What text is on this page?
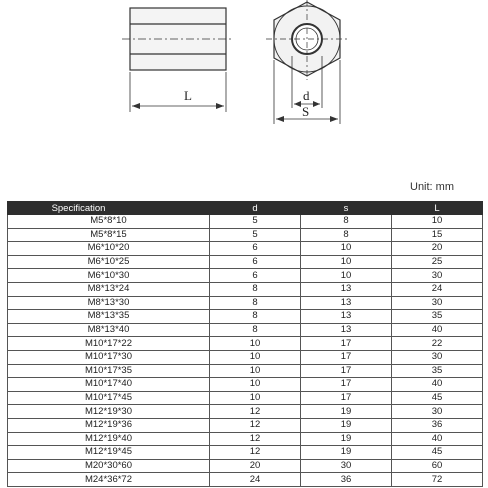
L	d
S
Unit: mm
Specification	d	s	L
M5*8*10	5	8	10
M5*8*15	5	8	15
M6*10*20	6	10	20
M6*10*25	6	10	25
M6*10*30	6	10	30
M8*13*24	8	13	24
M8*13*30	8	13	30
M8*13*35	8	13	35
M8*13*40	8	13	40
M10*17*22	10	17	22
M10*17*30	10	17	30
M10*17*35	10	17	35
M10*17*40	10	17	40
M10*17*45	10	17	45
M12*19*30	12	19	30
M12*19*36	12	19	36
M12*19*40	12	19	40
M12*19*45	12	19	45
M20*30*60	20	30	60
M24*36*72	24	36	72
